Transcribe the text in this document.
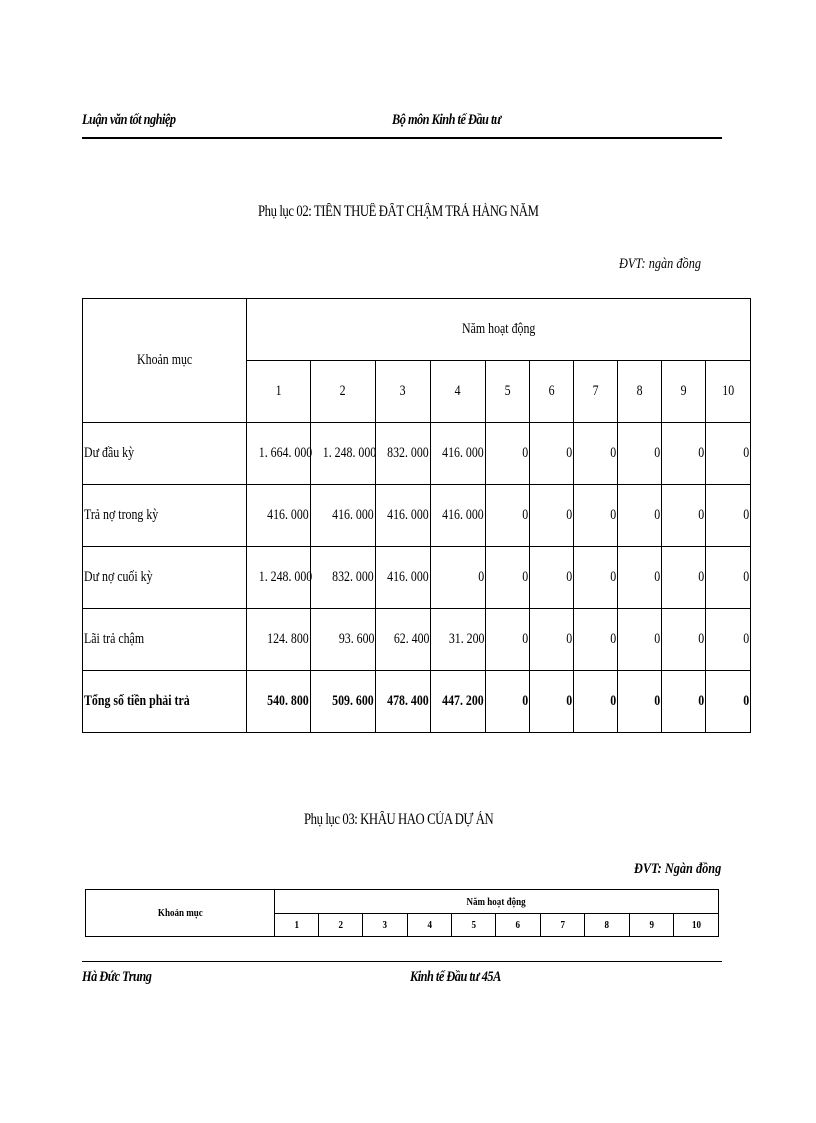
Luận văn tốt nghiệp	Bộ môn Kinh tế Đầu tư
Phụ lục 02: TIỀN THUÊ ĐẤT CHẬM TRẢ HÀNG NĂM
ĐVT: ngàn đồng
Khoản mục	Năm hoạt động									
	1	2	3	4	5	6	7	8	9	10
Dư đầu kỳ	1. 664. 000	1. 248. 000	832. 000	416. 000	0	0	0	0	0	0
Trả nợ trong kỳ	416. 000	416. 000	416. 000	416. 000	0	0	0	0	0	0
Dư nợ cuối kỳ	1. 248. 000	832. 000	416. 000	0	0	0	0	0	0	0
Lãi trả chậm	124. 800	93. 600	62. 400	31. 200	0	0	0	0	0	0
Tổng số tiền phải trả	540. 800	509. 600	478. 400	447. 200	0	0	0	0	0	0
Phụ lục 03: KHẤU HAO CỦA DỰ ÁN
ĐVT: Ngàn đồng
Khoản mục	Năm hoạt động									
	1	2	3	4	5	6	7	8	9	10
Hà Đức Trung	Kinh tế Đầu tư 45A
